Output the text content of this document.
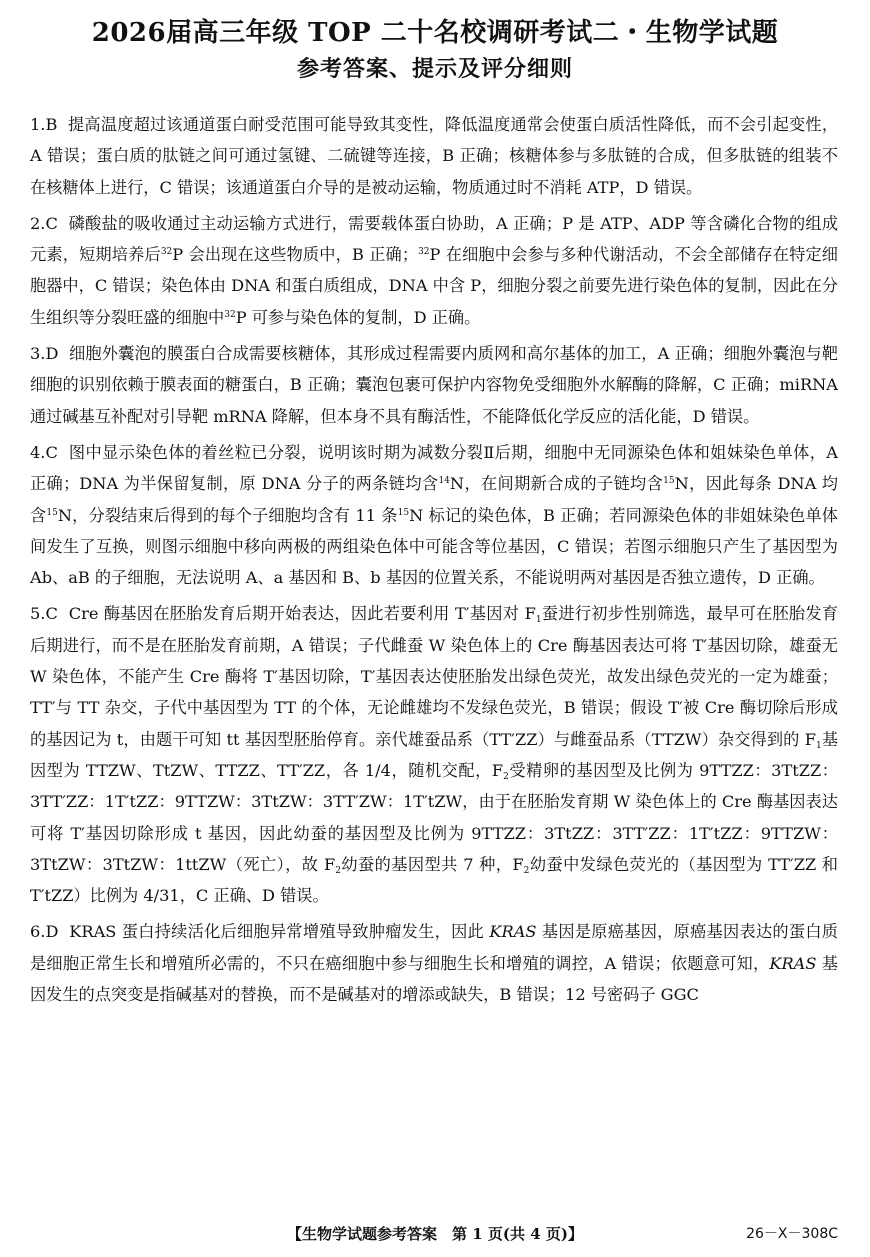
2026届高三年级 TOP 二十名校调研考试二・生物学试题
参考答案、提示及评分细则

1.B 提高温度超过该通道蛋白耐受范围可能导致其变性，降低温度通常会使蛋白质活性降低，而不会引起变性，A 错误；蛋白质的肽链之间可通过氢键、二硫键等连接，B 正确；核糖体参与多肽链的合成，但多肽链的组装不在核糖体上进行，C 错误；该通道蛋白介导的是被动运输，物质通过时不消耗 ATP，D 错误。

2.C 磷酸盐的吸收通过主动运输方式进行，需要载体蛋白协助，A 正确；P 是 ATP、ADP 等含磷化合物的组成元素，短期培养后$^{32}$P 会出现在这些物质中，B 正确；$^{32}$P 在细胞中会参与多种代谢活动，不会全部储存在特定细胞器中，C 错误；染色体由 DNA 和蛋白质组成，DNA 中含 P，细胞分裂之前要先进行染色体的复制，因此在分生组织等分裂旺盛的细胞中$^{32}$P 可参与染色体的复制，D 正确。

3.D 细胞外囊泡的膜蛋白合成需要核糖体，其形成过程需要内质网和高尔基体的加工，A 正确；细胞外囊泡与靶细胞的识别依赖于膜表面的糖蛋白，B 正确；囊泡包裹可保护内容物免受细胞外水解酶的降解，C 正确；miRNA 通过碱基互补配对引导靶 mRNA 降解，但本身不具有酶活性，不能降低化学反应的活化能，D 错误。

4.C 图中显示染色体的着丝粒已分裂，说明该时期为减数分裂Ⅱ后期，细胞中无同源染色体和姐妹染色单体，A 正确；DNA 为半保留复制，原 DNA 分子的两条链均含$^{14}$N，在间期新合成的子链均含$^{15}$N，因此每条 DNA 均含$^{15}$N，分裂结束后得到的每个子细胞均含有 11 条$^{15}$N 标记的染色体，B 正确；若同源染色体的非姐妹染色单体间发生了互换，则图示细胞中移向两极的两组染色体中可能含等位基因，C 错误；若图示细胞只产生了基因型为 Ab、aB 的子细胞，无法说明 A、a 基因和 B、b 基因的位置关系，不能说明两对基因是否独立遗传，D 正确。

5.C Cre 酶基因在胚胎发育后期开始表达，因此若要利用 T′基因对 $F_1$蚕进行初步性别筛选，最早可在胚胎发育后期进行，而不是在胚胎发育前期，A 错误；子代雌蚕 W 染色体上的 Cre 酶基因表达可将 T′基因切除，雄蚕无 W 染色体，不能产生 Cre 酶将 T′基因切除，T′基因表达使胚胎发出绿色荧光，故发出绿色荧光的一定为雄蚕；TT′与 TT 杂交，子代中基因型为 TT 的个体，无论雌雄均不发绿色荧光，B 错误；假设 T′被 Cre 酶切除后形成的基因记为 t，由题干可知 tt 基因型胚胎停育。亲代雄蚕品系（TT′ZZ）与雌蚕品系（TTZW）杂交得到的 $F_1$基因型为 TTZW、TtZW、TTZZ、TT′ZZ，各 1/4，随机交配，$F_2$受精卵的基因型及比例为 9TTZZ：3TtZZ：3TT′ZZ：1T′tZZ：9TTZW：3TtZW：3TT′ZW：1T′tZW，由于在胚胎发育期 W 染色体上的 Cre 酶基因表达可将 T′基因切除形成 t 基因，因此幼蚕的基因型及比例为 9TTZZ：3TtZZ：3TT′ZZ：1T′tZZ：9TTZW：3TtZW：3TtZW：1ttZW（死亡），故 $F_2$幼蚕的基因型共 7 种，$F_2$幼蚕中发绿色荧光的（基因型为 TT′ZZ 和 T′tZZ）比例为 4/31，C 正确、D 错误。

6.D KRAS 蛋白持续活化后细胞异常增殖导致肿瘤发生，因此 KRAS 基因是原癌基因，原癌基因表达的蛋白质是细胞正常生长和增殖所必需的，不只在癌细胞中参与细胞生长和增殖的调控，A 错误；依题意可知，KRAS 基因发生的点突变是指碱基对的替换，而不是碱基对的增添或缺失，B 错误；12 号密码子 GGC

【生物学试题参考答案　第 1 页(共 4 页)】	26－X－308C
